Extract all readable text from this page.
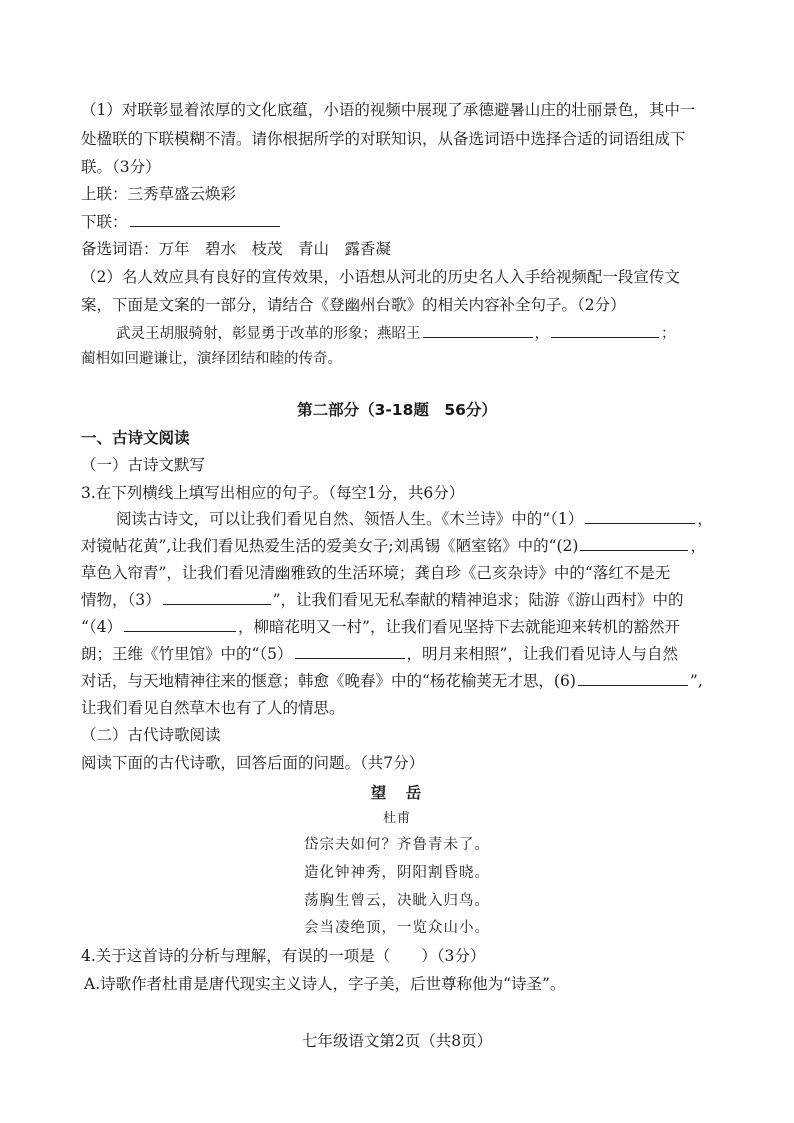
（1）对联彰显着浓厚的文化底蕴，小语的视频中展现了承德避暑山庄的壮丽景色，其中一
处楹联的下联模糊不清。请你根据所学的对联知识，从备选词语中选择合适的词语组成下
联。（3分）
上联：三秀草盛云焕彩
下联：
备选词语：万年　碧水　枝茂　青山　露香凝
（2）名人效应具有良好的宣传效果，小语想从河北的历史名人入手给视频配一段宣传文
案，下面是文案的一部分，请结合《登幽州台歌》的相关内容补全句子。（2分）
武灵王胡服骑射，彰显勇于改革的形象；燕昭王	，	；
蔺相如回避谦让，演绎团结和睦的传奇。
第二部分（3-18题　56分）
一、古诗文阅读
（一）古诗文默写
3.在下列横线上填写出相应的句子。（每空1分，共6分）
阅读古诗文，可以让我们看见自然、领悟人生。《木兰诗》中的“（1）	，
对镜帖花黄”,让我们看见热爱生活的爱美女子;刘禹锡《陋室铭》中的“(2)	，
草色入帘青”，让我们看见清幽雅致的生活环境；龚自珍《己亥杂诗》中的“落红不是无
情物，（3）	”，让我们看见无私奉献的精神追求；陆游《游山西村》中的
“（4）	，柳暗花明又一村”，让我们看见坚持下去就能迎来转机的豁然开
朗；王维《竹里馆》中的“（5）	，明月来相照”，让我们看见诗人与自然
对话，与天地精神往来的惬意；韩愈《晚春》中的“杨花榆荚无才思，(6)	”,
让我们看见自然草木也有了人的情思。
（二）古代诗歌阅读
阅读下面的古代诗歌，回答后面的问题。（共7分）
望　岳
杜甫
岱宗夫如何？齐鲁青未了。
造化钟神秀，阴阳割昏晓。
荡胸生曾云，决眦入归鸟。
会当凌绝顶，一览众山小。
4.关于这首诗的分析与理解，有误的一项是（　　）（3分）
A.诗歌作者杜甫是唐代现实主义诗人，字子美，后世尊称他为“诗圣”。
七年级语文第2页（共8页）
